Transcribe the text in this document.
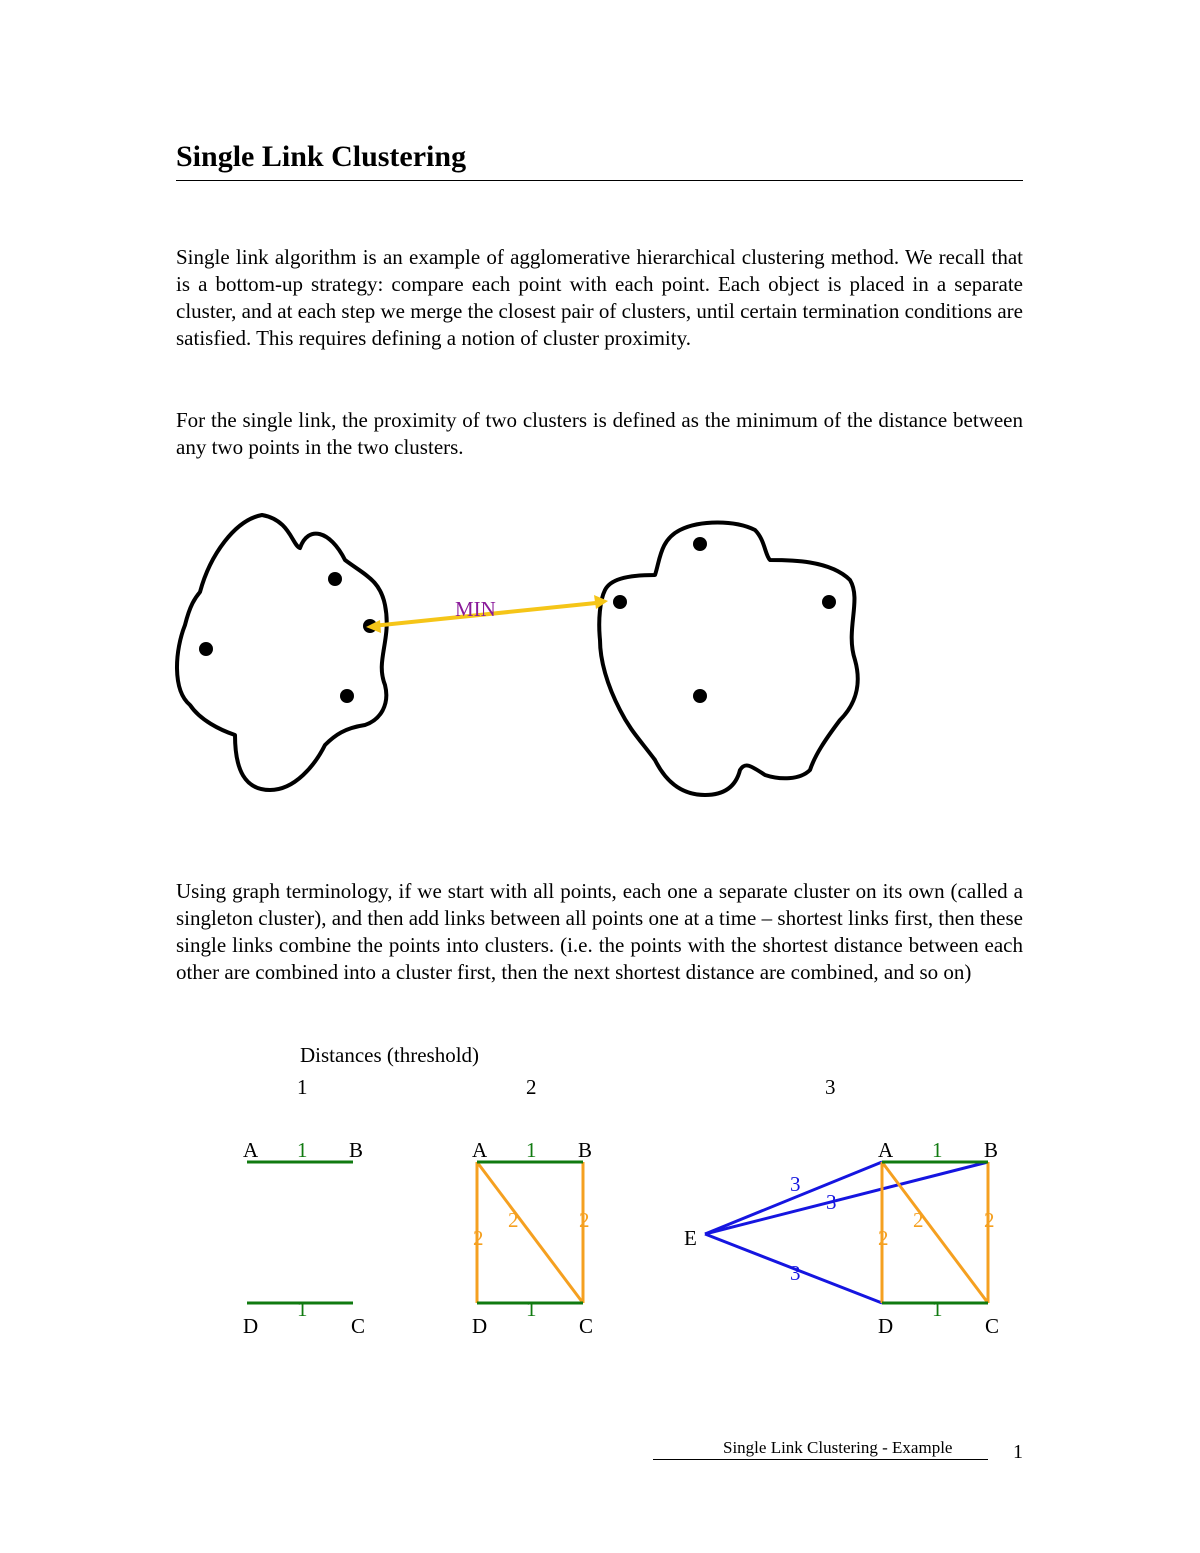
Single Link Clustering

Single link algorithm is an example of agglomerative hierarchical clustering method. We recall that is a bottom-up strategy: compare each point with each point. Each object is placed in a separate cluster, and at each step we merge the closest pair of clusters, until certain termination conditions are satisfied. This requires defining a notion of cluster proximity.

For the single link, the proximity of two clusters is defined as the minimum of the distance between any two points in the two clusters.

MIN
Distances (threshold)
1	2	3
A	B
D	C
1
1
A	B
D	C
1
1
2
2	2
A	B
D	C
E
1
1
2
2	2
3
3
3

Using graph terminology, if we start with all points, each one a separate cluster on its own (called a singleton cluster), and then add links between all points one at a time – shortest links first, then these single links combine the points into clusters. (i.e. the points with the shortest distance between each other are combined into a cluster first, then the next shortest distance are combined, and so on)

Single Link Clustering - Example	1
